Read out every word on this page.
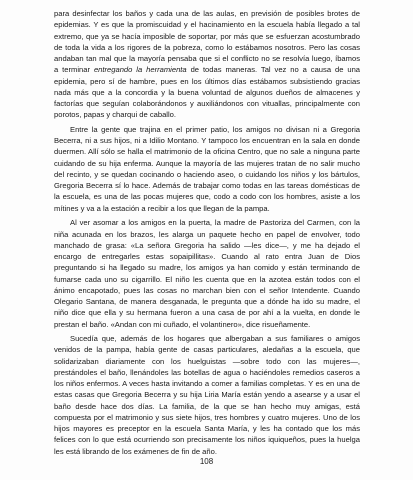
para desinfectar los baños y cada una de las aulas, en previsión de posibles brotes de epidemias. Y es que la promiscuidad y el hacinamiento en la escuela había llegado a tal extremo, que ya se hacía imposible de soportar, por más que se esfuerzan acostumbrado de toda la vida a los rigores de la pobreza, como lo estábamos nosotros. Pero las cosas andaban tan mal que la mayoría pensaba que si el conflicto no se resolvía luego, íbamos a terminar entregando la herramienta de todas maneras. Tal vez no a causa de una epidemia, pero sí de hambre, pues en los últimos días estábamos subsistiendo gracias nada más que a la concordia y la buena voluntad de algunos dueños de almacenes y factorías que seguían colaborándonos y auxiliándonos con vituallas, principalmente con porotos, papas y charqui de caballo.

Entre la gente que trajina en el primer patio, los amigos no divisan ni a Gregoria Becerra, ni a sus hijos, ni a Idilio Montano. Y tampoco los encuentran en la sala en donde duermen. Allí sólo se halla el matrimonio de la oficina Centro, que no sale a ninguna parte cuidando de su hija enferma. Aunque la mayoría de las mujeres tratan de no salir mucho del recinto, y se quedan cocinando o haciendo aseo, o cuidando los niños y los bártulos, Gregoria Becerra sí lo hace. Además de trabajar como todas en las tareas domésticas de la escuela, es una de las pocas mujeres que, codo a codo con los hombres, asiste a los mítines y va a la estación a recibir a los que llegan de la pampa.

Al ver asomar a los amigos en la puerta, la madre de Pastoriza del Carmen, con la niña acunada en los brazos, les alarga un paquete hecho en papel de envolver, todo manchado de grasa: «La señora Gregoria ha salido —les dice—, y me ha dejado el encargo de entregarles estas sopaipillitas». Cuando al rato entra Juan de Dios preguntando si ha llegado su madre, los amigos ya han comido y están terminando de fumarse cada uno su cigarrillo. El niño les cuenta que en la azotea están todos con el ánimo encapotado, pues las cosas no marchan bien con el señor Intendente. Cuando Olegario Santana, de manera desganada, le pregunta que a dónde ha ido su madre, el niño dice que ella y su hermana fueron a una casa de por ahí a la vuelta, en donde le prestan el baño. «Andan con mi cuñado, el volantinero», dice risueñamente.

Sucedía que, además de los hogares que albergaban a sus familiares o amigos venidos de la pampa, había gente de casas particulares, aledañas a la escuela, que solidarizaban diariamente con los huelguistas —sobre todo con las mujeres—, prestándoles el baño, llenándoles las botellas de agua o haciéndoles remedios caseros a los niños enfermos. A veces hasta invitando a comer a familias completas. Y es en una de estas casas que Gregoria Becerra y su hija Liria María están yendo a asearse y a usar el baño desde hace dos días. La familia, de la que se han hecho muy amigas, está compuesta por el matrimonio y sus siete hijos, tres hombres y cuatro mujeres. Uno de los hijos mayores es preceptor en la escuela Santa María, y les ha contado que los más felices con lo que está ocurriendo son precisamente los niños iquiqueños, pues la huelga les está librando de los exámenes de fin de año.

108
